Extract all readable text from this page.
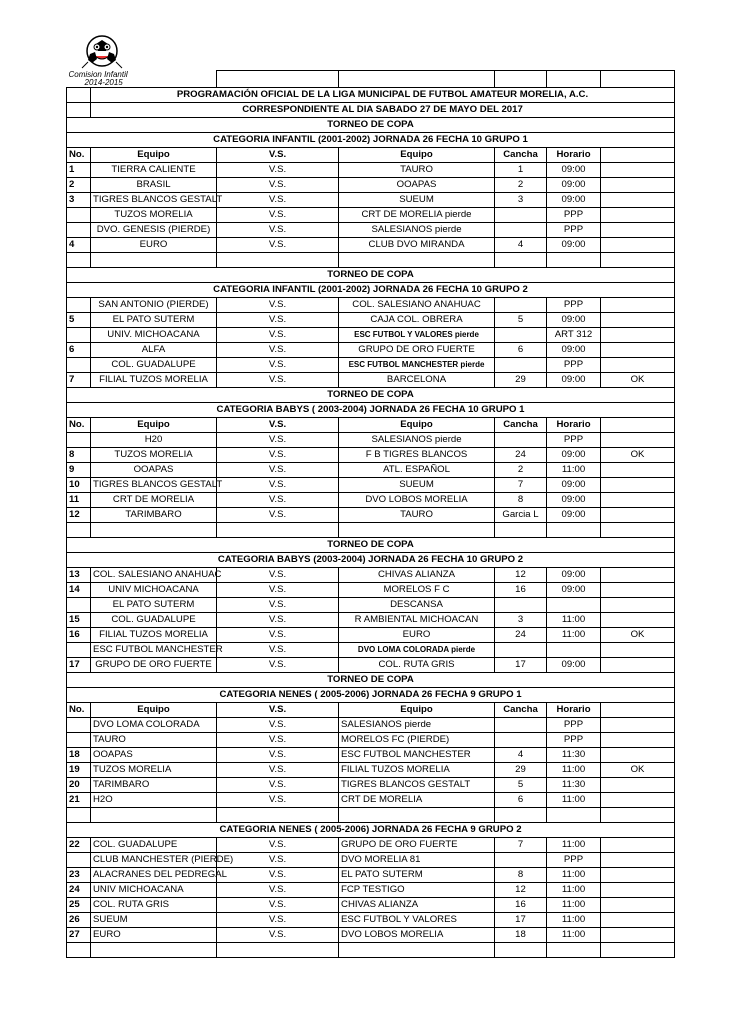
Comision Infantil
2014-2015						

	PROGRAMACIÓN OFICIAL DE LA LIGA MUNICIPAL DE FUTBOL AMATEUR MORELIA, A.C.					
	CORRESPONDIENTE AL DIA SABADO 27 DE MAYO DEL 2017					
TORNEO DE COPA						
CATEGORIA INFANTIL (2001-2002) JORNADA 26 FECHA 10 GRUPO 1						
No.	Equipo	V.S.	Equipo	Cancha	Horario	
1	TIERRA CALIENTE	V.S.	TAURO	1	09:00	
2	BRASIL	V.S.	OOAPAS	2	09:00	
3	TIGRES BLANCOS GESTALT	V.S.	SUEUM	3	09:00	
	TUZOS MORELIA	V.S.	CRT DE MORELIA pierde		PPP	
	DVO. GENESIS (PIERDE)	V.S.	SALESIANOS pierde		PPP	
4	EURO	V.S.	CLUB DVO MIRANDA	4	09:00	

TORNEO DE COPA						
CATEGORIA INFANTIL (2001-2002) JORNADA 26 FECHA 10 GRUPO 2						
	SAN ANTONIO (PIERDE)	V.S.	COL. SALESIANO ANAHUAC		PPP	
5	EL PATO SUTERM	V.S.	CAJA COL. OBRERA	5	09:00	
	UNIV. MICHOACANA	V.S.	ESC FUTBOL Y VALORES pierde		ART 312	
6	ALFA	V.S.	GRUPO DE ORO FUERTE	6	09:00	
	COL. GUADALUPE	V.S.	ESC FUTBOL MANCHESTER pierde		PPP	
7	FILIAL TUZOS MORELIA	V.S.	BARCELONA	29	09:00	OK
TORNEO DE COPA						
CATEGORIA BABYS ( 2003-2004) JORNADA 26 FECHA 10 GRUPO 1						
No.	Equipo	V.S.	Equipo	Cancha	Horario	
	H20	V.S.	SALESIANOS pierde		PPP	
8	TUZOS MORELIA	V.S.	F B TIGRES BLANCOS	24	09:00	OK
9	OOAPAS	V.S.	ATL. ESPAÑOL	2	11:00	
10	TIGRES BLANCOS GESTALT	V.S.	SUEUM	7	09:00	
11	CRT DE MORELIA	V.S.	DVO LOBOS MORELIA	8	09:00	
12	TARIMBARO	V.S.	TAURO	Garcia L	09:00	

TORNEO DE COPA						
CATEGORIA BABYS (2003-2004) JORNADA 26 FECHA 10 GRUPO 2						
13	COL. SALESIANO ANAHUAC	V.S.	CHIVAS ALIANZA	12	09:00	
14	UNIV MICHOACANA	V.S.	MORELOS F C	16	09:00	
	EL PATO SUTERM	V.S.	DESCANSA			
15	COL. GUADALUPE	V.S.	R AMBIENTAL MICHOACAN	3	11:00	
16	FILIAL TUZOS MORELIA	V.S.	EURO	24	11:00	OK
	ESC FUTBOL MANCHESTER	V.S.	DVO LOMA COLORADA pierde			
17	GRUPO DE ORO FUERTE	V.S.	COL. RUTA GRIS	17	09:00	
TORNEO DE COPA						
CATEGORIA NENES ( 2005-2006) JORNADA 26 FECHA 9 GRUPO 1						
No.	Equipo	V.S.	Equipo	Cancha	Horario	
	DVO LOMA COLORADA	V.S.	SALESIANOS pierde		PPP	
	TAURO	V.S.	MORELOS FC (PIERDE)		PPP	
18	OOAPAS	V.S.	ESC FUTBOL MANCHESTER	4	11:30	
19	TUZOS MORELIA	V.S.	FILIAL TUZOS MORELIA	29	11:00	OK
20	TARIMBARO	V.S.	TIGRES BLANCOS GESTALT	5	11:30	
21	H2O	V.S.	CRT DE MORELIA	6	11:00	

CATEGORIA NENES ( 2005-2006) JORNADA 26 FECHA 9 GRUPO 2						
22	COL. GUADALUPE	V.S.	GRUPO DE ORO FUERTE	7	11:00	
	CLUB MANCHESTER (PIERDE)	V.S.	DVO MORELIA 81		PPP	
23	ALACRANES DEL PEDREGAL	V.S.	EL PATO SUTERM	8	11:00	
24	UNIV MICHOACANA	V.S.	FCP TESTIGO	12	11:00	
25	COL. RUTA GRIS	V.S.	CHIVAS ALIANZA	16	11:00	
26	SUEUM	V.S.	ESC FUTBOL Y VALORES	17	11:00	
27	EURO	V.S.	DVO LOBOS MORELIA	18	11:00	
